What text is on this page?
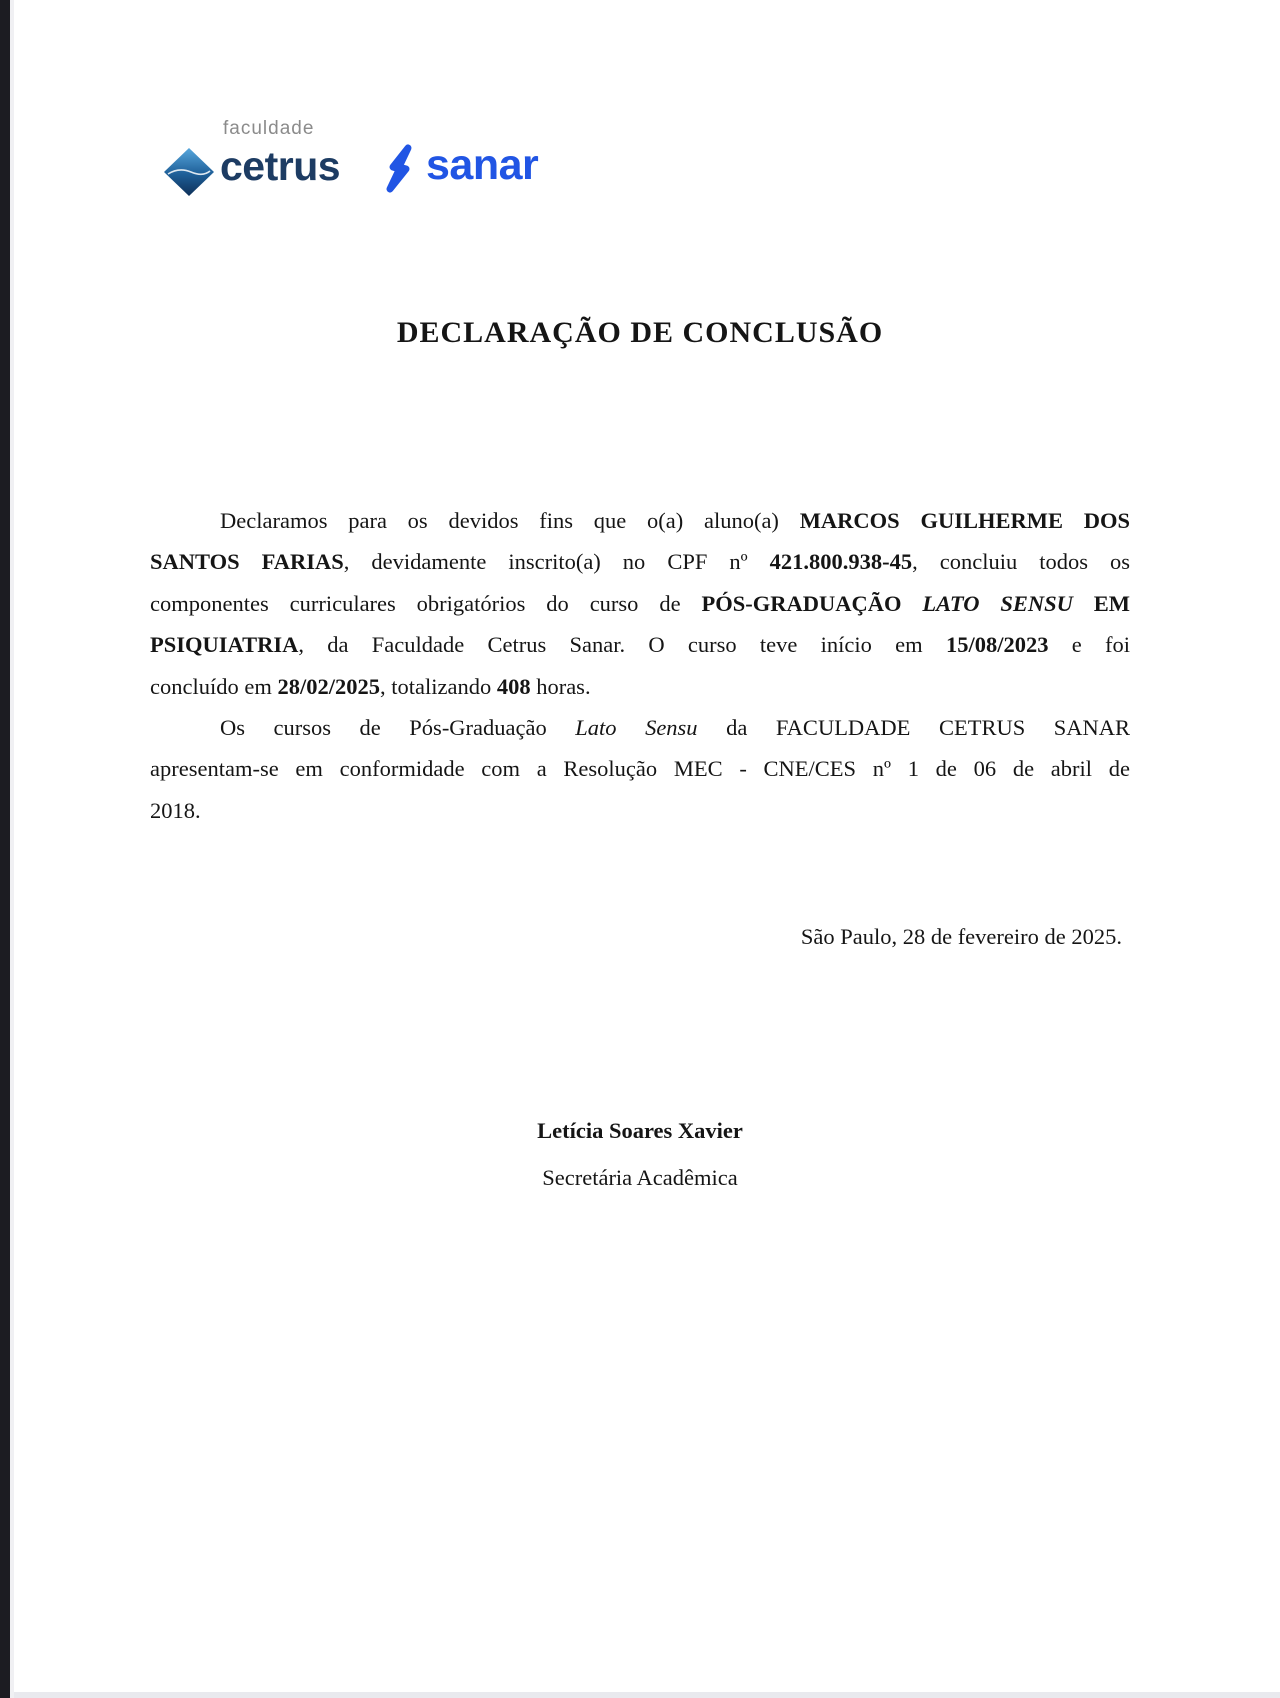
faculdade
cetrus sanar
DECLARAÇÃO DE CONCLUSÃO
Declaramos para os devidos fins que o(a) aluno(a) MARCOS GUILHERME DOS
SANTOS FARIAS, devidamente inscrito(a) no CPF nº 421.800.938-45, concluiu todos os
componentes curriculares obrigatórios do curso de PÓS-GRADUAÇÃO LATO SENSU EM
PSIQUIATRIA, da Faculdade Cetrus Sanar. O curso teve início em 15/08/2023 e foi
concluído em 28/02/2025, totalizando 408 horas.
Os cursos de Pós-Graduação Lato Sensu da FACULDADE CETRUS SANAR
apresentam-se em conformidade com a Resolução MEC - CNE/CES nº 1 de 06 de abril de
2018.
São Paulo, 28 de fevereiro de 2025.
Letícia Soares Xavier
Secretária Acadêmica
